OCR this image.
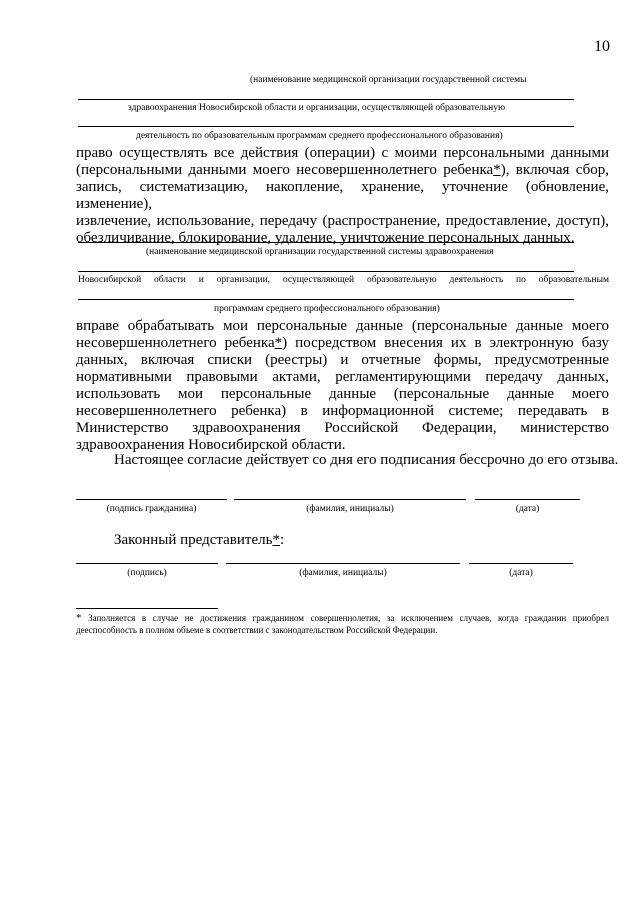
10
(наименование медицинской организации государственной системы
здравоохранения Новосибирской области и организации, осуществляющей образовательную
деятельность по образовательным программам среднего профессионального образования)
право осуществлять все действия (операции) с моими персональными данными
(персональными данными моего несовершеннолетнего ребенка*), включая сбор,
запись, систематизацию, накопление, хранение, уточнение (обновление, изменение),
извлечение, использование, передачу (распространение, предоставление, доступ),
обезличивание, блокирование, удаление, уничтожение персональных данных.
(наименование медицинской организации государственной системы здравоохранения
Новосибирской области и организации, осуществляющей образовательную деятельность по образовательным
программам среднего профессионального образования)
вправе обрабатывать мои персональные данные (персональные данные моего
несовершеннолетнего ребенка*) посредством внесения их в электронную базу
данных, включая списки (реестры) и отчетные формы, предусмотренные
нормативными правовыми актами, регламентирующими передачу данных,
использовать мои персональные данные (персональные данные моего
несовершеннолетнего ребенка) в информационной системе; передавать в
Министерство здравоохранения Российской Федерации, министерство
здравоохранения Новосибирской области.
Настоящее согласие действует со дня его подписания бессрочно до его отзыва.
(подпись гражданина)	(фамилия, инициалы)	(дата)
Законный представитель*:
(подпись)	(фамилия, инициалы)	(дата)
* Заполняется в случае не достижения гражданином совершеннолетия, за исключением случаев, когда гражданин приобрел дееспособность в полном объеме в соответствии с законодательством Российской Федерации.
